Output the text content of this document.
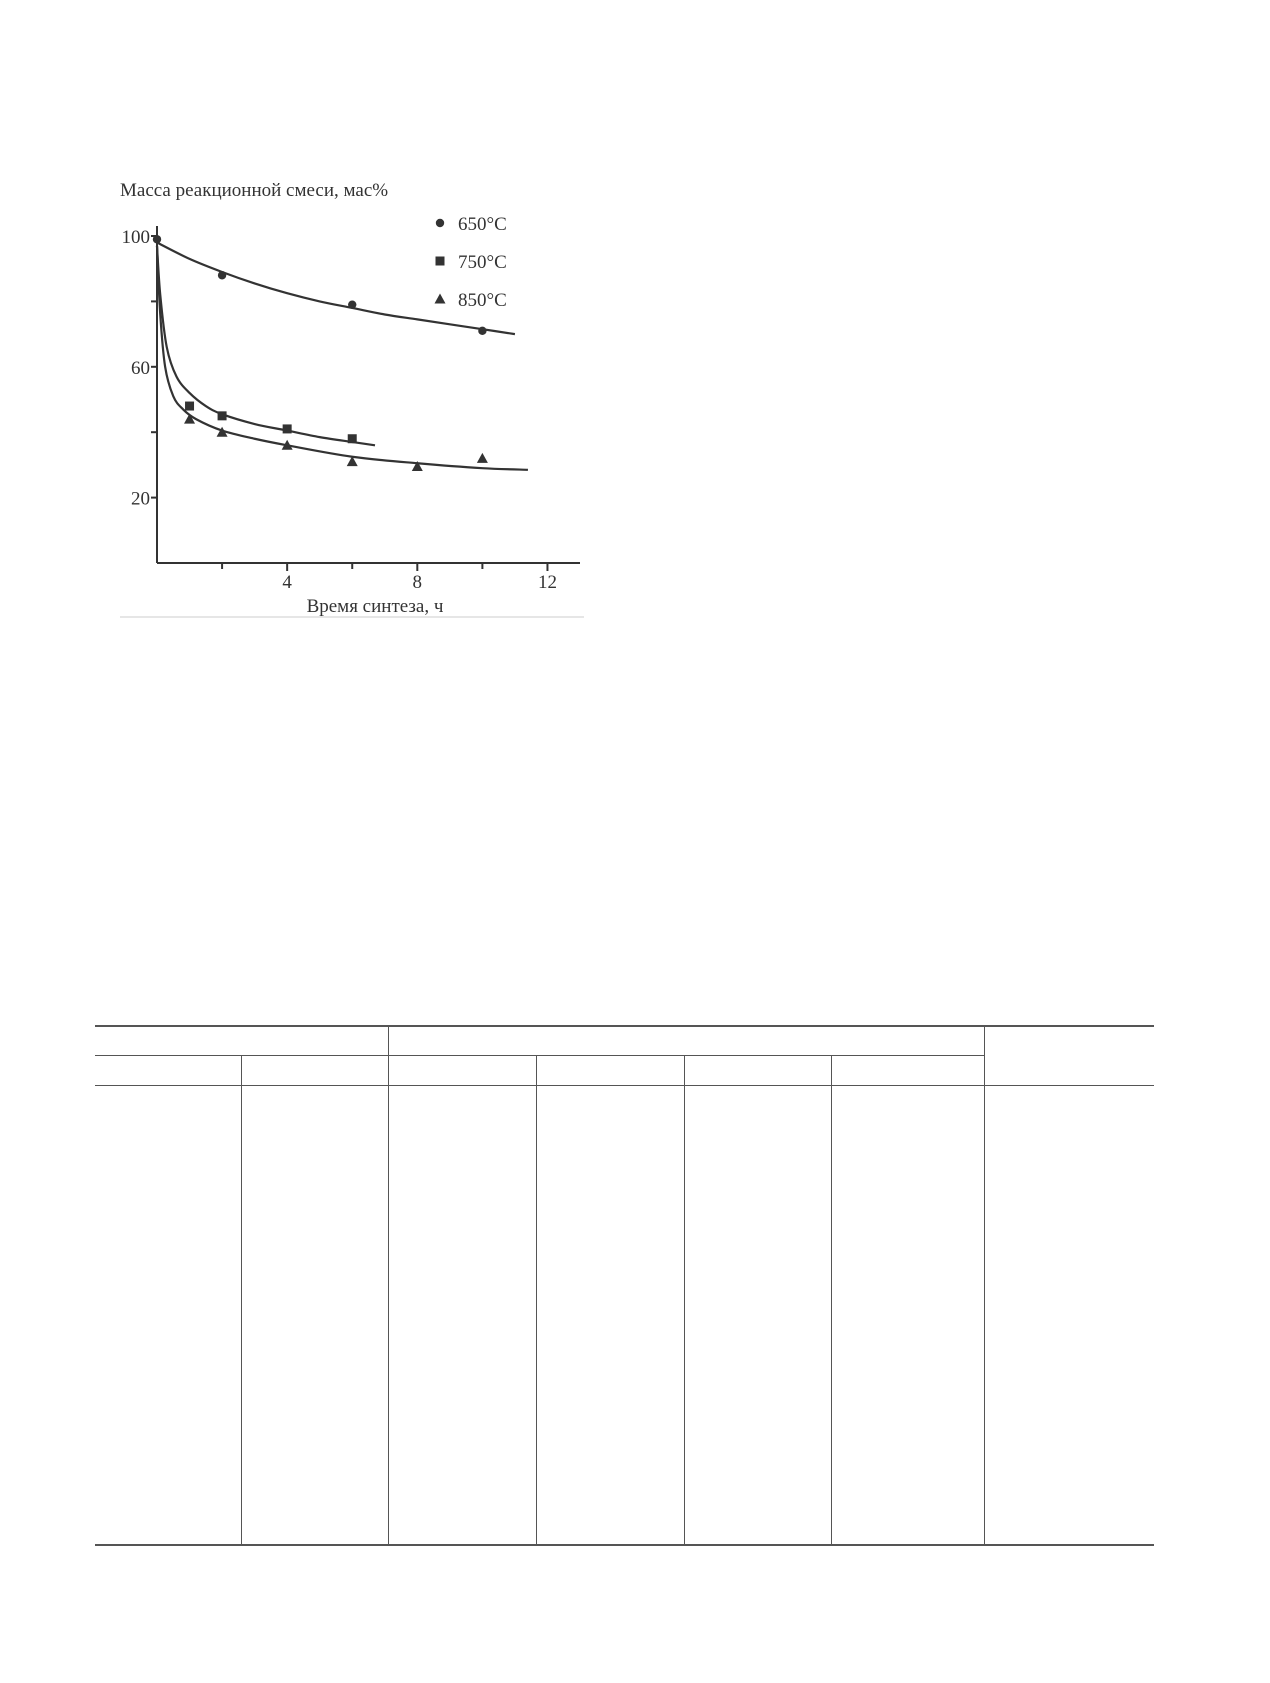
Масса реакционной смеси, мас%
4	8	12
20
60
100
650°C
750°C
850°C
Время синтеза, ч
